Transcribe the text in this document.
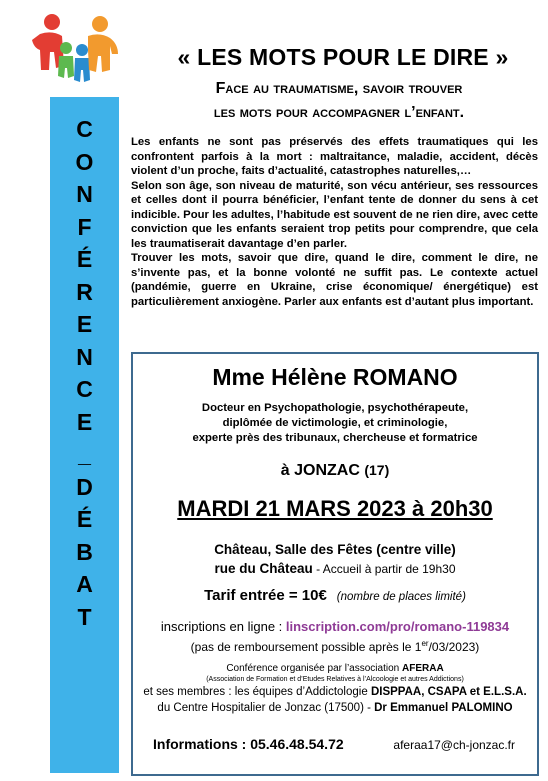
C
O
N
F
É
R
E
N
C
E
_
D
É
B
A
T
« LES MOTS POUR LE DIRE »
Face au traumatisme, savoir trouver
les mots pour accompagner l’enfant.

Les enfants ne sont pas préservés des effets traumatiques qui les confrontent parfois à la mort : maltraitance, maladie, accident, décès violent d’un proche, faits d’actualité, catastrophes naturelles,…

Selon son âge, son niveau de maturité, son vécu antérieur, ses ressources et celles dont il pourra bénéficier, l’enfant tente de donner du sens à cet indicible. Pour les adultes, l’habitude est souvent de ne rien dire, avec cette conviction que les enfants seraient trop petits pour comprendre, que cela les traumatiserait davantage d’en parler.

Trouver les mots, savoir que dire, quand le dire, comment le dire, ne s’invente pas, et la bonne volonté ne suffit pas. Le contexte actuel (pandémie, guerre en Ukraine, crise économique/ énergétique) est particulièrement anxiogène. Parler aux enfants est d’autant plus important.

Mme Hélène ROMANO
Docteur en Psychopathologie, psychothérapeute,
diplômée de victimologie, et criminologie,
experte près des tribunaux, chercheuse et formatrice
à JONZAC (17)
MARDI 21 MARS 2023 à 20h30
Château, Salle des Fêtes (centre ville)
rue du Château - Accueil à partir de 19h30
Tarif entrée = 10€ (nombre de places limité)
inscriptions en ligne : linscription.com/pro/romano-119834
(pas de remboursement possible après le 1er/03/2023)
Conférence organisée par l’association AFERAA
(Association de Formation et d’Etudes Relatives à l’Alcoologie et autres Addictions)
et ses membres : les équipes d’Addictologie DISPPAA, CSAPA et E.L.S.A.
du Centre Hospitalier de Jonzac (17500) - Dr Emmanuel PALOMINO
Informations : 05.46.48.54.72	aferaa17@ch-jonzac.fr
